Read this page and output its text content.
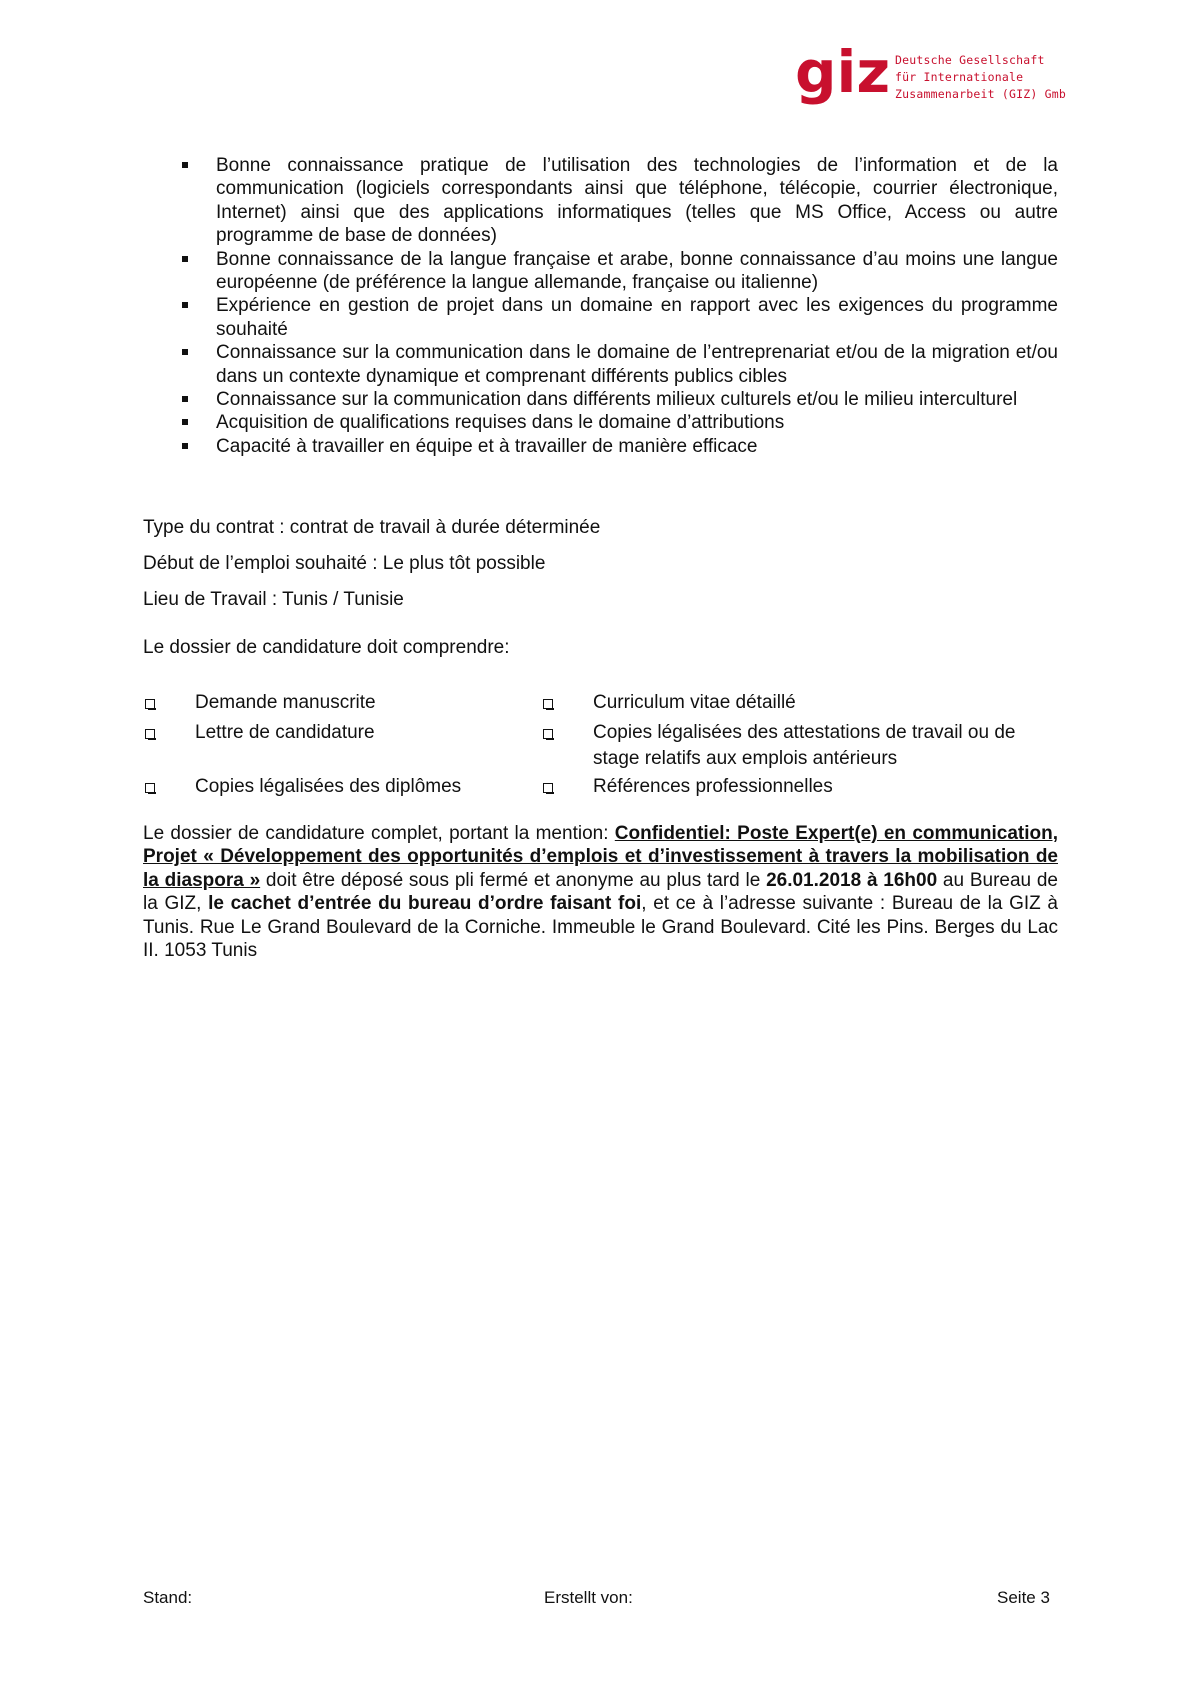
giz Deutsche Gesellschaft
für Internationale
Zusammenarbeit (GIZ) Gmb
Bonne connaissance pratique de l’utilisation des technologies de l’information et de la communication (logiciels correspondants ainsi que téléphone, télécopie, courrier électronique, Internet) ainsi que des applications informatiques (telles que MS Office, Access ou autre programme de base de données)
Bonne connaissance de la langue française et arabe, bonne connaissance d’au moins une langue européenne (de préférence la langue allemande, française ou italienne)
Expérience en gestion de projet dans un domaine en rapport avec les exigences du programme souhaité
Connaissance sur la communication dans le domaine de l’entreprenariat et/ou de la migration et/ou dans un contexte dynamique et comprenant différents publics cibles
Connaissance sur la communication dans différents milieux culturels et/ou le milieu interculturel
Acquisition de qualifications requises dans le domaine d’attributions
Capacité à travailler en équipe et à travailler de manière efficace
Type du contrat : contrat de travail à durée déterminée
Début de l’emploi souhaité : Le plus tôt possible
Lieu de Travail : Tunis / Tunisie
Le dossier de candidature doit comprendre:
Demande manuscrite	Curriculum vitae détaillé
Lettre de candidature	Copies légalisées des attestations de travail ou de stage relatifs aux emplois antérieurs
Copies légalisées des diplômes	Références professionnelles
Le dossier de candidature complet, portant la mention: Confidentiel: Poste Expert(e) en communication, Projet « Développement des opportunités d’emplois et d’investissement à travers la mobilisation de la diaspora » doit être déposé sous pli fermé et anonyme au plus tard le 26.01.2018 à 16h00 au Bureau de la GIZ, le cachet d’entrée du bureau d’ordre faisant foi, et ce à l’adresse suivante : Bureau de la GIZ à Tunis. Rue Le Grand Boulevard de la Corniche. Immeuble le Grand Boulevard. Cité les Pins. Berges du Lac II. 1053 Tunis
Stand:	Erstellt von:	Seite 3
